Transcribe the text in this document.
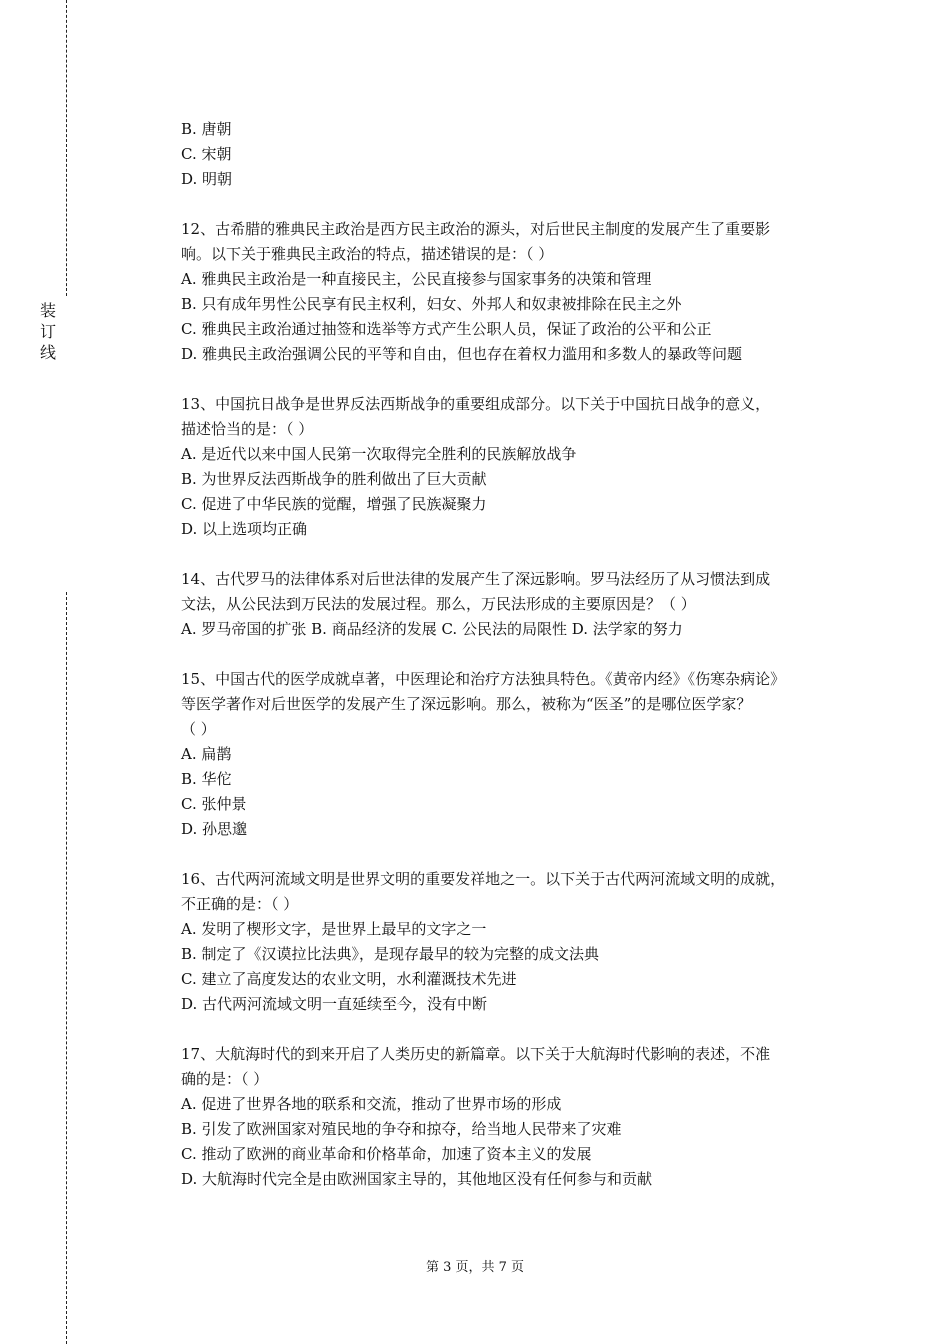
装
订
线
B. 唐朝
C. 宋朝
D. 明朝
12、古希腊的雅典民主政治是西方民主政治的源头，对后世民主制度的发展产生了重要影
响。以下关于雅典民主政治的特点，描述错误的是：（ ）
A. 雅典民主政治是一种直接民主，公民直接参与国家事务的决策和管理
B. 只有成年男性公民享有民主权利，妇女、外邦人和奴隶被排除在民主之外
C. 雅典民主政治通过抽签和选举等方式产生公职人员，保证了政治的公平和公正
D. 雅典民主政治强调公民的平等和自由，但也存在着权力滥用和多数人的暴政等问题
13、中国抗日战争是世界反法西斯战争的重要组成部分。以下关于中国抗日战争的意义，
描述恰当的是：（ ）
A. 是近代以来中国人民第一次取得完全胜利的民族解放战争
B. 为世界反法西斯战争的胜利做出了巨大贡献
C. 促进了中华民族的觉醒，增强了民族凝聚力
D. 以上选项均正确
14、古代罗马的法律体系对后世法律的发展产生了深远影响。罗马法经历了从习惯法到成
文法，从公民法到万民法的发展过程。那么，万民法形成的主要原因是？（ ）
A. 罗马帝国的扩张 B. 商品经济的发展 C. 公民法的局限性 D. 法学家的努力
15、中国古代的医学成就卓著，中医理论和治疗方法独具特色。《黄帝内经》《伤寒杂病论》
等医学著作对后世医学的发展产生了深远影响。那么，被称为“医圣”的是哪位医学家？
（ ）
A. 扁鹊
B. 华佗
C. 张仲景
D. 孙思邈
16、古代两河流域文明是世界文明的重要发祥地之一。以下关于古代两河流域文明的成就，
不正确的是：（ ）
A. 发明了楔形文字，是世界上最早的文字之一
B. 制定了《汉谟拉比法典》，是现存最早的较为完整的成文法典
C. 建立了高度发达的农业文明，水利灌溉技术先进
D. 古代两河流域文明一直延续至今，没有中断
17、大航海时代的到来开启了人类历史的新篇章。以下关于大航海时代影响的表述，不准
确的是：（ ）
A. 促进了世界各地的联系和交流，推动了世界市场的形成
B. 引发了欧洲国家对殖民地的争夺和掠夺，给当地人民带来了灾难
C. 推动了欧洲的商业革命和价格革命，加速了资本主义的发展
D. 大航海时代完全是由欧洲国家主导的，其他地区没有任何参与和贡献
第 3 页，共 7 页
